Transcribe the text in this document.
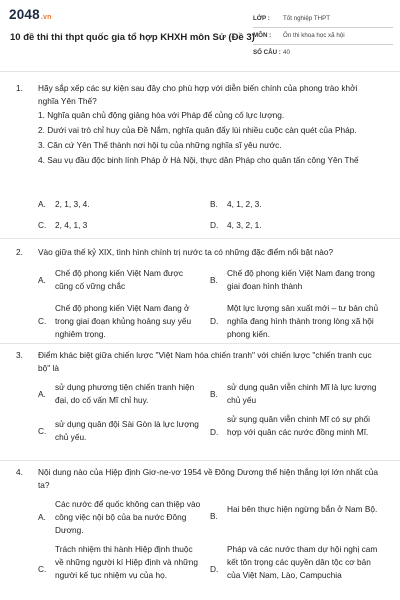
2048.vn
10 đề thi thi thpt quốc gia tổ hợp KHXH môn Sử (Đề 3)
LỚP : Tốt nghiệp THPT
MÔN : Ôn thi khoa học xã hội
SỐ CÂU : 40
1. Hãy sắp xếp các sự kiện sau đây cho phù hợp với diễn biến chính của phong trào khởi nghĩa Yên Thế?

1. Nghĩa quân chủ động giảng hòa với Pháp để củng cố lực lượng.

2. Dưới vai trò chỉ huy của Đề Nắm, nghĩa quân đẩy lùi nhiều cuộc càn quét của Pháp.

3. Căn cứ Yên Thế thành nơi hội tụ của những nghĩa sĩ yêu nước.

4. Sau vụ đầu độc binh lính Pháp ở Hà Nội, thực dân Pháp cho quân tấn công Yên Thế

A. 2, 1, 3, 4.	B. 4, 1, 2, 3.
C. 2, 4, 1, 3	D. 4, 3, 2, 1.
2. Vào giữa thế kỷ XIX, tình hình chính trị nước ta có những đặc điểm nổi bật nào?
A.
Chế độ phong kiến Việt Nam được cũng cố vững chắc
B.
Chế độ phong kiến Việt Nam đang trong giai đoạn hình thành
C.
Chế độ phong kiến Việt Nam đang ở trong giai đoạn khủng hoảng suy yếu nghiêm trọng.
D.
Một lực lượng sản xuất mới – tư bản chủ nghĩa đang hình thành trong lòng xã hội phong kiến.
3. Điểm khác biệt giữa chiến lược "Việt Nam hóa chiến tranh" với chiến lược "chiến tranh cục bộ" là
A.
sử dụng phương tiện chiến tranh hiện đại, do cố vấn Mĩ chỉ huy.
B.
sử dụng quân viễn chinh Mĩ là lực lượng chủ yếu
C.
sử dụng quân đội Sài Gòn là lực lượng chủ yếu.	D.
sử sụng quân viễn chinh Mĩ có sự phối hợp với quân các nước đồng minh Mĩ.
4. Nội dung nào của Hiệp định Giơ-ne-vơ 1954 về Đông Dương thể hiện thắng lợi lớn nhất của ta?
A.
Các nước để quốc không can thiệp vào công việc nội bộ của ba nước Đông Dương.
B.
Hai bên thực hiện ngừng bắn ở Nam Bộ.
C.
Trách nhiệm thi hành Hiệp định thuộc về những người kí Hiệp định và những người kế tục nhiệm vụ của họ.
D.
Pháp và các nước tham dự hội nghị cam kết tôn trọng các quyền dân tộc cơ bản của Việt Nam, Lào, Campuchia
